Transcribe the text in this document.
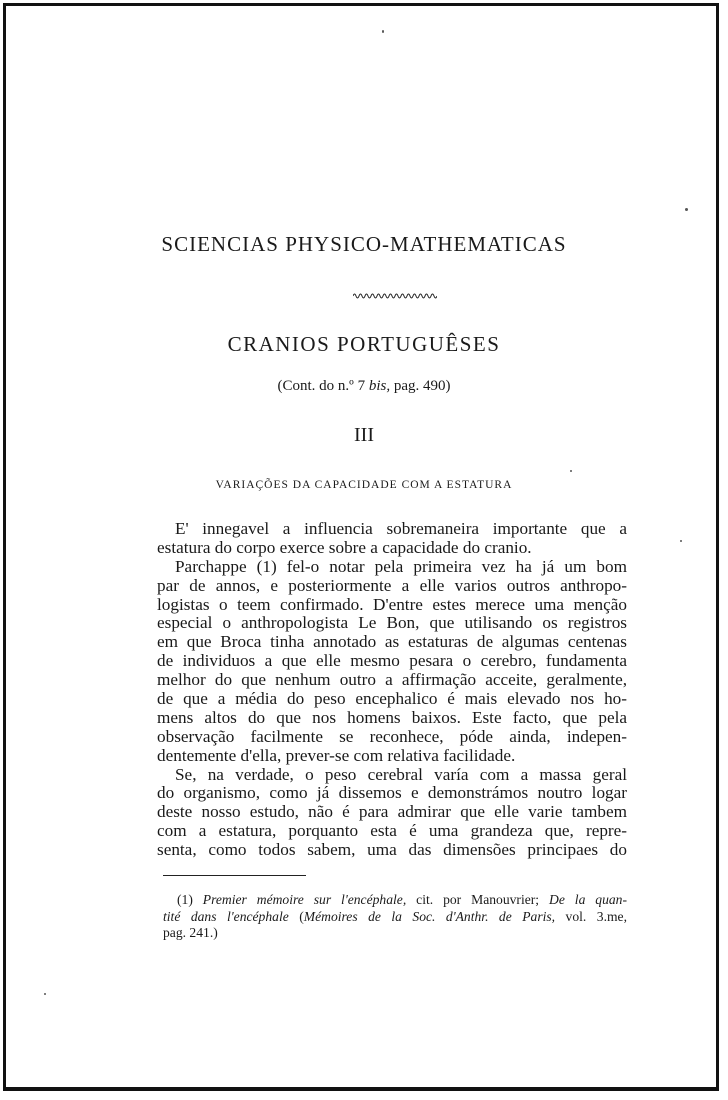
SCIENCIAS PHYSICO-MATHEMATICAS
CRANIOS PORTUGUÊSES
(Cont. do n.º 7 bis, pag. 490)
III
VARIAÇÕES DA CAPACIDADE COM A ESTATURA
E' innegavel a influencia sobremaneira importante que a
estatura do corpo exerce sobre a capacidade do cranio.
Parchappe (1) fel-o notar pela primeira vez ha já um bom
par de annos, e posteriormente a elle varios outros anthropo-
logistas o teem confirmado. D'entre estes merece uma menção
especial o anthropologista Le Bon, que utilisando os registros
em que Broca tinha annotado as estaturas de algumas centenas
de individuos a que elle mesmo pesara o cerebro, fundamenta
melhor do que nenhum outro a affirmação acceite, geralmente,
de que a média do peso encephalico é mais elevado nos ho-
mens altos do que nos homens baixos. Este facto, que pela
observação facilmente se reconhece, póde ainda, indepen-
dentemente d'ella, prever-se com relativa facilidade.
Se, na verdade, o peso cerebral varía com a massa geral
do organismo, como já dissemos e demonstrámos noutro logar
deste nosso estudo, não é para admirar que elle varie tambem
com a estatura, porquanto esta é uma grandeza que, repre-
senta, como todos sabem, uma das dimensões principaes do
(1) Premier mémoire sur l'encéphale, cit. por Manouvrier; De la quan-
tité dans l'encéphale (Mémoires de la Soc. d'Anthr. de Paris, vol. 3.me,
pag. 241.)
